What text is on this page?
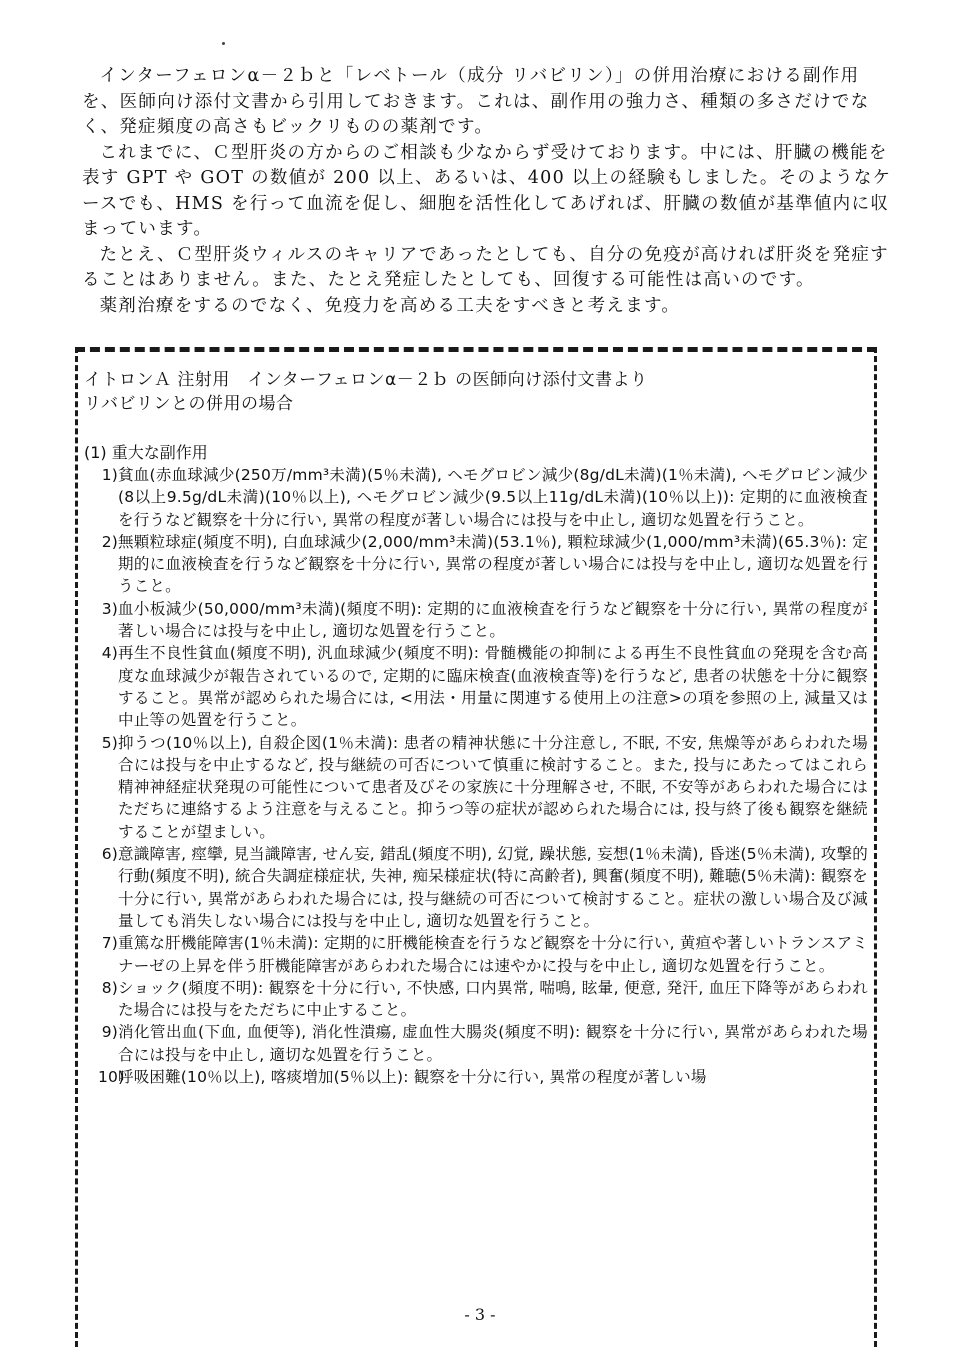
インターフェロンα－２ｂと「レベトール（成分 リバビリン）」の併用治療における副作用を、医師向け添付文書から引用しておきます。これは、副作用の強力さ、種類の多さだけでなく、発症頻度の高さもビックリものの薬剤です。

これまでに、Ｃ型肝炎の方からのご相談も少なからず受けております。中には、肝臓の機能を表す GPT や GOT の数値が 200 以上、あるいは、400 以上の経験もしました。そのようなケースでも、HMS を行って血流を促し、細胞を活性化してあげれば、肝臓の数値が基準値内に収まっています。

たとえ、Ｃ型肝炎ウィルスのキャリアであったとしても、自分の免疫が高ければ肝炎を発症することはありません。また、たとえ発症したとしても、回復する可能性は高いのです。

薬剤治療をするのでなく、免疫力を高める工夫をすべきと考えます。

イトロンＡ 注射用　インターフェロンα－２ｂ の医師向け添付文書より
リバビリンとの併用の場合
(1) 重大な副作用
1) 貧血(赤血球減少(250万/mm³未満)(5％未満), ヘモグロビン減少(8g/dL未満)(1％未満), ヘモグロビン減少(8以上9.5g/dL未満)(10％以上), ヘモグロビン減少(9.5以上11g/dL未満)(10％以上)): 定期的に血液検査を行うなど観察を十分に行い, 異常の程度が著しい場合には投与を中止し, 適切な処置を行うこと。
2) 無顆粒球症(頻度不明), 白血球減少(2,000/mm³未満)(53.1％), 顆粒球減少(1,000/mm³未満)(65.3％): 定期的に血液検査を行うなど観察を十分に行い, 異常の程度が著しい場合には投与を中止し, 適切な処置を行うこと。
3) 血小板減少(50,000/mm³未満)(頻度不明): 定期的に血液検査を行うなど観察を十分に行い, 異常の程度が著しい場合には投与を中止し, 適切な処置を行うこと。
4) 再生不良性貧血(頻度不明), 汎血球減少(頻度不明): 骨髄機能の抑制による再生不良性貧血の発現を含む高度な血球減少が報告されているので, 定期的に臨床検査(血液検査等)を行うなど, 患者の状態を十分に観察すること。異常が認められた場合には, <用法・用量に関連する使用上の注意>の項を参照の上, 減量又は中止等の処置を行うこと。
5) 抑うつ(10％以上), 自殺企図(1％未満): 患者の精神状態に十分注意し, 不眠, 不安, 焦燥等があらわれた場合には投与を中止するなど, 投与継続の可否について慎重に検討すること。また, 投与にあたってはこれら精神神経症状発現の可能性について患者及びその家族に十分理解させ, 不眠, 不安等があらわれた場合にはただちに連絡するよう注意を与えること。抑うつ等の症状が認められた場合には, 投与終了後も観察を継続することが望ましい。
6) 意識障害, 痙攣, 見当識障害, せん妄, 錯乱(頻度不明), 幻覚, 躁状態, 妄想(1％未満), 昏迷(5％未満), 攻撃的行動(頻度不明), 統合失調症様症状, 失神, 痴呆様症状(特に高齢者), 興奮(頻度不明), 難聴(5％未満): 観察を十分に行い, 異常があらわれた場合には, 投与継続の可否について検討すること。症状の激しい場合及び減量しても消失しない場合には投与を中止し, 適切な処置を行うこと。
7) 重篤な肝機能障害(1％未満): 定期的に肝機能検査を行うなど観察を十分に行い, 黄疸や著しいトランスアミナーゼの上昇を伴う肝機能障害があらわれた場合には速やかに投与を中止し, 適切な処置を行うこと。
8) ショック(頻度不明): 観察を十分に行い, 不快感, 口内異常, 喘鳴, 眩暈, 便意, 発汗, 血圧下降等があらわれた場合には投与をただちに中止すること。
9) 消化管出血(下血, 血便等), 消化性潰瘍, 虚血性大腸炎(頻度不明): 観察を十分に行い, 異常があらわれた場合には投与を中止し, 適切な処置を行うこと。
10)
呼吸困難(10％以上), 喀痰増加(5％以上): 観察を十分に行い, 異常の程度が著しい場
- 3 -
